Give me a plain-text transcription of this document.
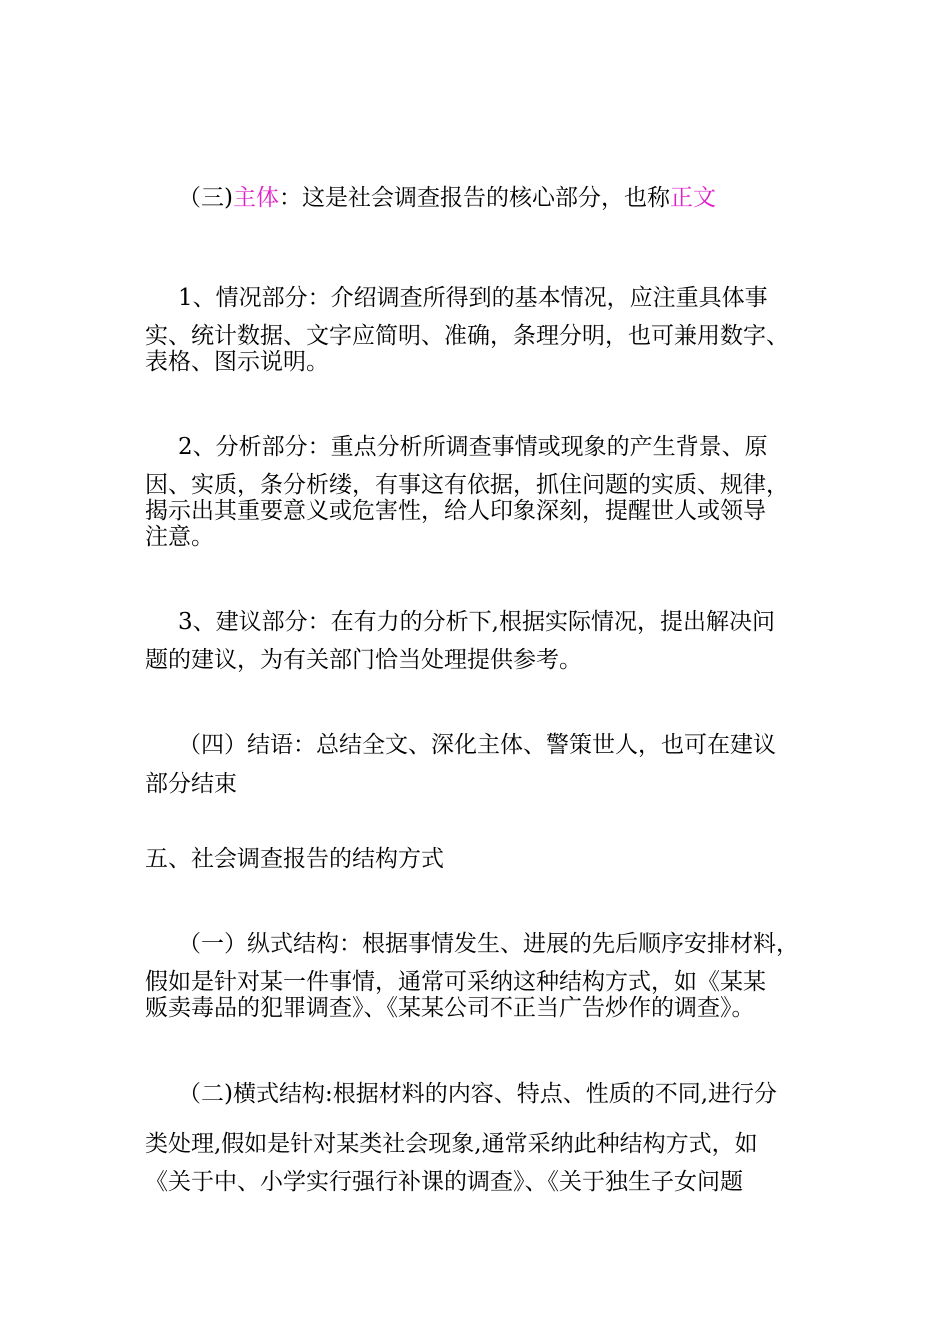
（三)主体：这是社会调查报告的核心部分，也称正文
1、情况部分：介绍调查所得到的基本情况，应注重具体事
实、统计数据、文字应简明、准确，条理分明，也可兼用数字、
表格、图示说明。
2、分析部分：重点分析所调查事情或现象的产生背景、原
因、实质，条分析缕，有事这有依据，抓住问题的实质、规律，
揭示出其重要意义或危害性，给人印象深刻，提醒世人或领导
注意。
3、建议部分：在有力的分析下,根据实际情况，提出解决问
题的建议，为有关部门恰当处理提供参考。
（四）结语：总结全文、深化主体、警策世人，也可在建议
部分结束
五、社会调查报告的结构方式
（一）纵式结构：根据事情发生、进展的先后顺序安排材料，
假如是针对某一件事情，通常可采纳这种结构方式，如《某某
贩卖毒品的犯罪调查》、《某某公司不正当广告炒作的调查》。
（二)横式结构:根据材料的内容、特点、性质的不同,进行分
类处理,假如是针对某类社会现象,通常采纳此种结构方式，如
《关于中、小学实行强行补课的调查》、《关于独生子女问题
